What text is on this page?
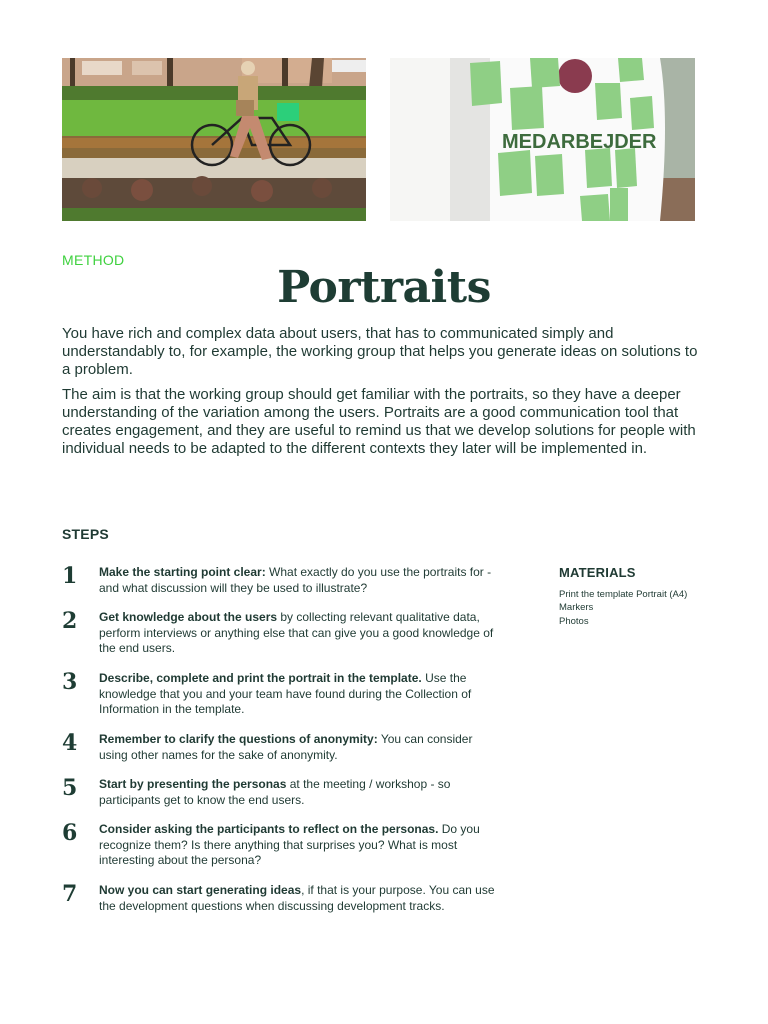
MEDARBEJDER
METHOD
Portraits

You have rich and complex data about users, that has to communicated simply and understandably to, for example, the working group that helps you generate ideas on solutions to a problem.

The aim is that the working group should get familiar with the portraits, so they have a deeper understanding of the variation among the users. Portraits are a good communication tool that creates engagement, and they are useful to remind us that we develop solutions for people with individual needs to be adapted to the different contexts they later will be implemented in.

STEPS
1	Make the starting point clear: What exactly do you use the portraits for - and what discussion will they be used to illustrate?
2	Get knowledge about the users by collecting relevant qualitative data, perform interviews or anything else that can give you a good knowledge of the end users.
3	Describe, complete and print the portrait in the template. Use the knowledge that you and your team have found during the Collection of Information in the template.
4	Remember to clarify the questions of anonymity: You can consider using other names for the sake of anonymity.
5	Start by presenting the personas at the meeting / workshop - so participants get to know the end users.
6	Consider asking the participants to reflect on the personas. Do you recognize them? Is there anything that surprises you? What is most interesting about the persona?
7	Now you can start generating ideas, if that is your purpose. You can use the development questions when discussing development tracks.
MATERIALS
Print the template Portrait (A4)
Markers
Photos
